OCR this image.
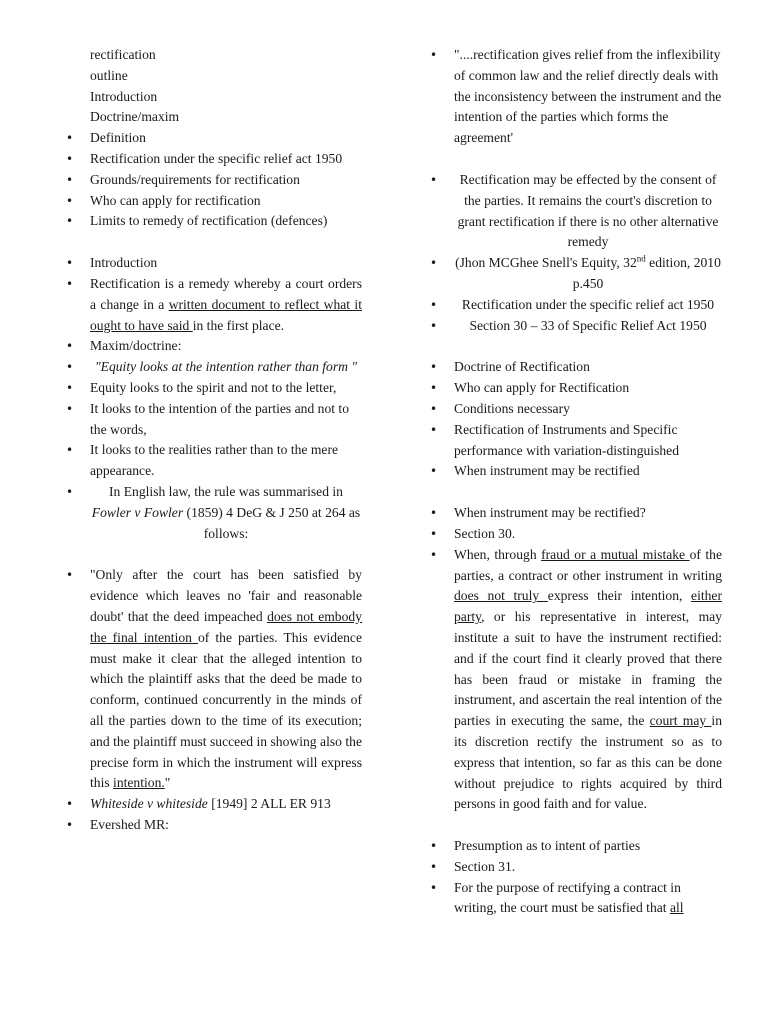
rectification
outline
Introduction
Doctrine/maxim
• Definition
• Rectification under the specific relief act 1950
• Grounds/requirements for rectification
• Who can apply for rectification
• Limits to remedy of rectification (defences)
• Introduction
• Rectification is a remedy whereby a court orders a change in a written document to reflect what it ought to have said in the first place.
• Maxim/doctrine:
• "Equity looks at the intention rather than form "
• Equity looks to the spirit and not to the letter,
• It looks to the intention of the parties and not to the words,
• It looks to the realities rather than to the mere appearance.
• In English law, the rule was summarised in Fowler v Fowler (1859) 4 DeG & J 250 at 264 as follows:
• "Only after the court has been satisfied by evidence which leaves no 'fair and reasonable doubt' that the deed impeached does not embody the final intention of the parties. This evidence must make it clear that the alleged intention to which the plaintiff asks that the deed be made to conform, continued concurrently in the minds of all the parties down to the time of its execution; and the plaintiff must succeed in showing also the precise form in which the instrument will express this intention."
• Whiteside v whiteside [1949] 2 ALL ER 913
• Evershed MR:
• "....rectification gives relief from the inflexibility of common law and the relief directly deals with the inconsistency between the instrument and the intention of the parties which forms the agreement'
• Rectification may be effected by the consent of the parties. It remains the court's discretion to grant rectification if there is no other alternative remedy
• (Jhon MCGhee Snell's Equity, 32nd edition, 2010 p.450
• Rectification under the specific relief act 1950
• Section 30 – 33 of Specific Relief Act 1950
• Doctrine of Rectification
• Who can apply for Rectification
• Conditions necessary
• Rectification of Instruments and Specific performance with variation-distinguished
• When instrument may be rectified
• When instrument may be rectified?
• Section 30.
• When, through fraud or a mutual mistake of the parties, a contract or other instrument in writing does not truly express their intention, either party, or his representative in interest, may institute a suit to have the instrument rectified: and if the court find it clearly proved that there has been fraud or mistake in framing the instrument, and ascertain the real intention of the parties in executing the same, the court may in its discretion rectify the instrument so as to express that intention, so far as this can be done without prejudice to rights acquired by third persons in good faith and for value.
• Presumption as to intent of parties
• Section 31.
• For the purpose of rectifying a contract in writing, the court must be satisfied that all
